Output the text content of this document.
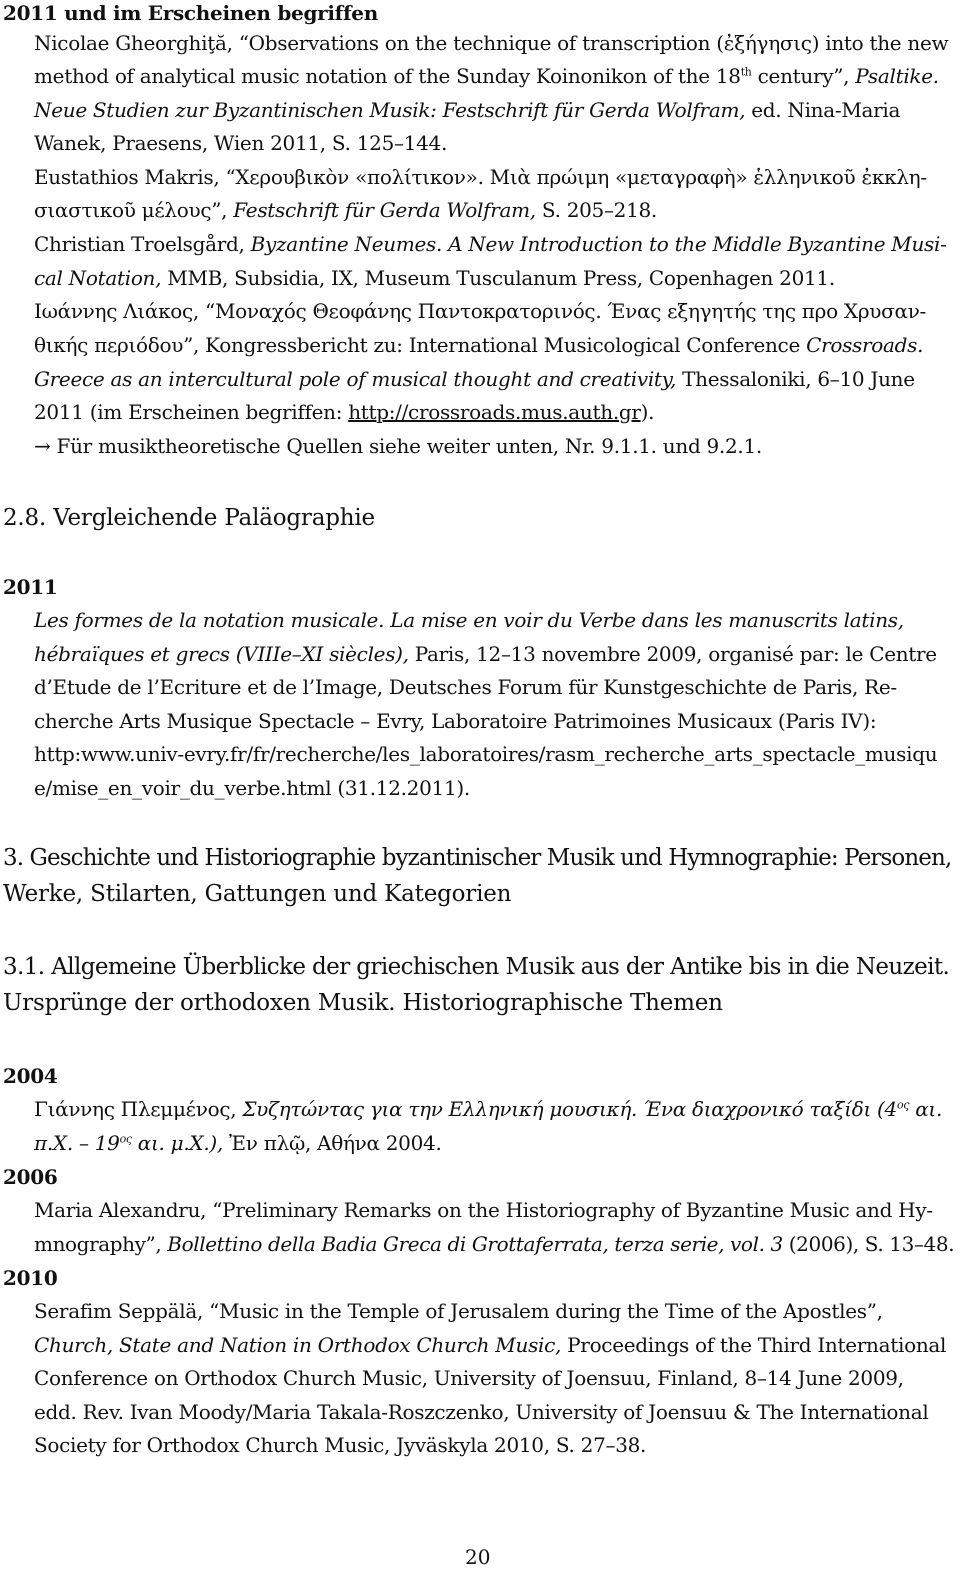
2011 und im Erscheinen begriffen
Nicolae Gheorghiţă, “Observations on the technique of transcription (ἐξήγησις) into the new
method of analytical music notation of the Sunday Koinonikon of the 18th century”, Psaltike.
Neue Studien zur Byzantinischen Musik: Festschrift für Gerda Wolfram, ed. Nina-Maria
Wanek, Praesens, Wien 2011, S. 125–144.
Eustathios Makris, “Χερουβικὸν «πολίτικον». Μιὰ πρώιμη «μεταγραφὴ» ἑλληνικοῦ ἐκκλη-
σιαστικοῦ μέλους”, Festschrift für Gerda Wolfram, S. 205–218.
Christian Troelsgård, Byzantine Neumes. A New Introduction to the Middle Byzantine Musi-
cal Notation, MMB, Subsidia, IX, Museum Tusculanum Press, Copenhagen 2011.
Ιωάννης Λιάκος, “Μοναχός Θεοφάνης Παντοκρατορινός. Ένας εξηγητής της προ Χρυσαν-
θικής περιόδου”, Kongressbericht zu: International Musicological Conference Crossroads.
Greece as an intercultural pole of musical thought and creativity, Thessaloniki, 6–10 June
2011 (im Erscheinen begriffen: http://crossroads.mus.auth.gr).
→ Für musiktheoretische Quellen siehe weiter unten, Nr. 9.1.1. und 9.2.1.
2.8. Vergleichende Paläographie
2011
Les formes de la notation musicale. La mise en voir du Verbe dans les manuscrits latins,
hébraïques et grecs (VIIIe–XI siècles), Paris, 12–13 novembre 2009, organisé par: le Centre
d’Etude de l’Ecriture et de l’Image, Deutsches Forum für Kunstgeschichte de Paris, Re-
cherche Arts Musique Spectacle – Evry, Laboratoire Patrimoines Musicaux (Paris IV):
http:www.univ-evry.fr/fr/recherche/les_laboratoires/rasm_recherche_arts_spectacle_musiqu
e/mise_en_voir_du_verbe.html (31.12.2011).
3. Geschichte und Historiographie byzantinischer Musik und Hymnographie: Personen,
Werke, Stilarten, Gattungen und Kategorien
3.1. Allgemeine Überblicke der griechischen Musik aus der Antike bis in die Neuzeit.
Ursprünge der orthodoxen Musik. Historiographische Themen
2004
Γιάννης Πλεμμένος, Συζητώντας για την Ελληνική μουσική. Ένα διαχρονικό ταξίδι ($4^{o\varsigma}$ αι.
π.Χ. – $19^{o\varsigma}$ αι. μ.Χ.), Ἐν πλῷ, Αθήνα 2004.
2006
Maria Alexandru, “Preliminary Remarks on the Historiography of Byzantine Music and Hy-
mnography”, Bollettino della Badia Greca di Grottaferrata, terza serie, vol. 3 (2006), S. 13–48.
2010
Serafim Seppälä, “Music in the Temple of Jerusalem during the Time of the Apostles”,
Church, State and Nation in Orthodox Church Music, Proceedings of the Third International
Conference on Orthodox Church Music, University of Joensuu, Finland, 8–14 June 2009,
edd. Rev. Ivan Moody/Maria Takala-Roszczenko, University of Joensuu & The International
Society for Orthodox Church Music, Jyväskyla 2010, S. 27–38.
20
